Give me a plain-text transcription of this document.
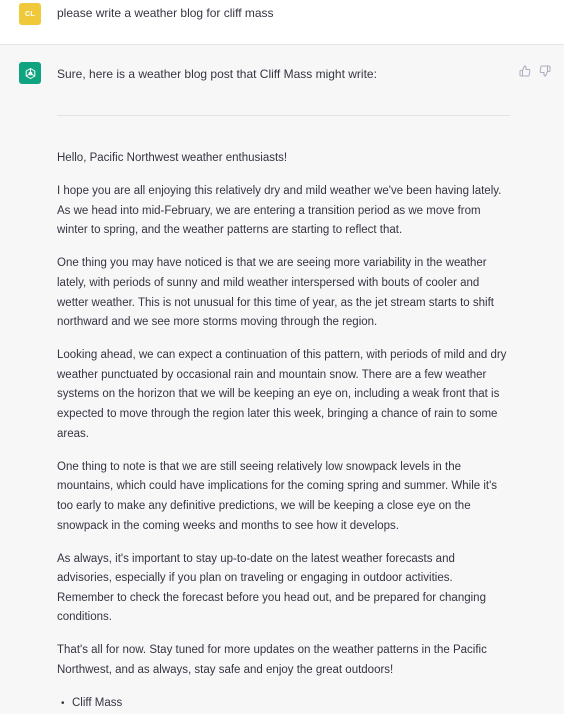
CL	please write a weather blog for cliff mass
Sure, here is a weather blog post that Cliff Mass might write:

Hello, Pacific Northwest weather enthusiasts!

I hope you are all enjoying this relatively dry and mild weather we've been having lately. As we head into mid-February, we are entering a transition period as we move from winter to spring, and the weather patterns are starting to reflect that.

One thing you may have noticed is that we are seeing more variability in the weather lately, with periods of sunny and mild weather interspersed with bouts of cooler and wetter weather. This is not unusual for this time of year, as the jet stream starts to shift northward and we see more storms moving through the region.

Looking ahead, we can expect a continuation of this pattern, with periods of mild and dry weather punctuated by occasional rain and mountain snow. There are a few weather systems on the horizon that we will be keeping an eye on, including a weak front that is expected to move through the region later this week, bringing a chance of rain to some areas.

One thing to note is that we are still seeing relatively low snowpack levels in the mountains, which could have implications for the coming spring and summer. While it's too early to make any definitive predictions, we will be keeping a close eye on the snowpack in the coming weeks and months to see how it develops.

As always, it's important to stay up-to-date on the latest weather forecasts and advisories, especially if you plan on traveling or engaging in outdoor activities. Remember to check the forecast before you head out, and be prepared for changing conditions.

That's all for now. Stay tuned for more updates on the weather patterns in the Pacific Northwest, and as always, stay safe and enjoy the great outdoors!

• Cliff Mass
